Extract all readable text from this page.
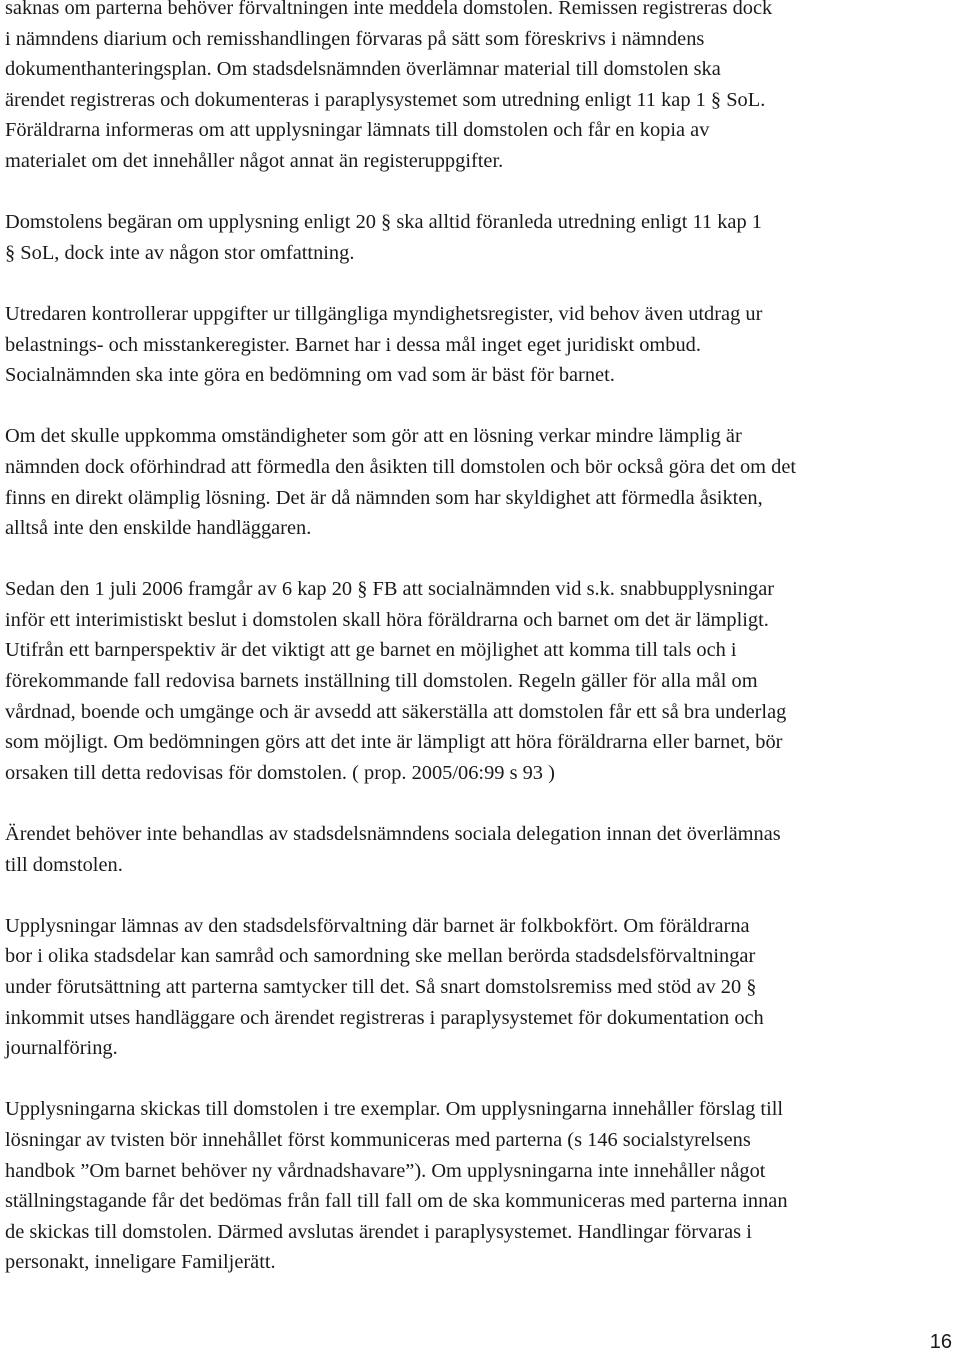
saknas om parterna behöver förvaltningen inte meddela domstolen. Remissen registreras dock
i nämndens diarium och remisshandlingen förvaras på sätt som föreskrivs i nämndens
dokumenthanteringsplan. Om stadsdelsnämnden överlämnar material till domstolen ska
ärendet registreras och dokumenteras i paraplysystemet som utredning enligt 11 kap 1 § SoL.
Föräldrarna informeras om att upplysningar lämnats till domstolen och får en kopia av
materialet om det innehåller något annat än registeruppgifter.
Domstolens begäran om upplysning enligt 20 § ska alltid föranleda utredning enligt 11 kap 1
§ SoL, dock inte av någon stor omfattning.
Utredaren kontrollerar uppgifter ur tillgängliga myndighetsregister, vid behov även utdrag ur
belastnings- och misstankeregister. Barnet har i dessa mål inget eget juridiskt ombud.
Socialnämnden ska inte göra en bedömning om vad som är bäst för barnet.
Om det skulle uppkomma omständigheter som gör att en lösning verkar mindre lämplig är
nämnden dock oförhindrad att förmedla den åsikten till domstolen och bör också göra det om det
finns en direkt olämplig lösning. Det är då nämnden som har skyldighet att förmedla åsikten,
alltså inte den enskilde handläggaren.
Sedan den 1 juli 2006 framgår av 6 kap 20 § FB att socialnämnden vid s.k. snabbupplysningar
inför ett interimistiskt beslut i domstolen skall höra föräldrarna och barnet om det är lämpligt.
Utifrån ett barnperspektiv är det viktigt att ge barnet en möjlighet att komma till tals och i
förekommande fall redovisa barnets inställning till domstolen. Regeln gäller för alla mål om
vårdnad, boende och umgänge och är avsedd att säkerställa att domstolen får ett så bra underlag
som möjligt. Om bedömningen görs att det inte är lämpligt att höra föräldrarna eller barnet, bör
orsaken till detta redovisas för domstolen. ( prop. 2005/06:99 s 93 )
Ärendet behöver inte behandlas av stadsdelsnämndens sociala delegation innan det överlämnas
till domstolen.
Upplysningar lämnas av den stadsdelsförvaltning där barnet är folkbokfört. Om föräldrarna
bor i olika stadsdelar kan samråd och samordning ske mellan berörda stadsdelsförvaltningar
under förutsättning att parterna samtycker till det. Så snart domstolsremiss med stöd av 20 §
inkommit utses handläggare och ärendet registreras i paraplysystemet för dokumentation och
journalföring.
Upplysningarna skickas till domstolen i tre exemplar. Om upplysningarna innehåller förslag till
lösningar av tvisten bör innehållet först kommuniceras med parterna (s 146 socialstyrelsens
handbok ”Om barnet behöver ny vårdnadshavare”). Om upplysningarna inte innehåller något
ställningstagande får det bedömas från fall till fall om de ska kommuniceras med parterna innan
de skickas till domstolen. Därmed avslutas ärendet i paraplysystemet. Handlingar förvaras i
personakt, inneligare Familjerätt.
16
